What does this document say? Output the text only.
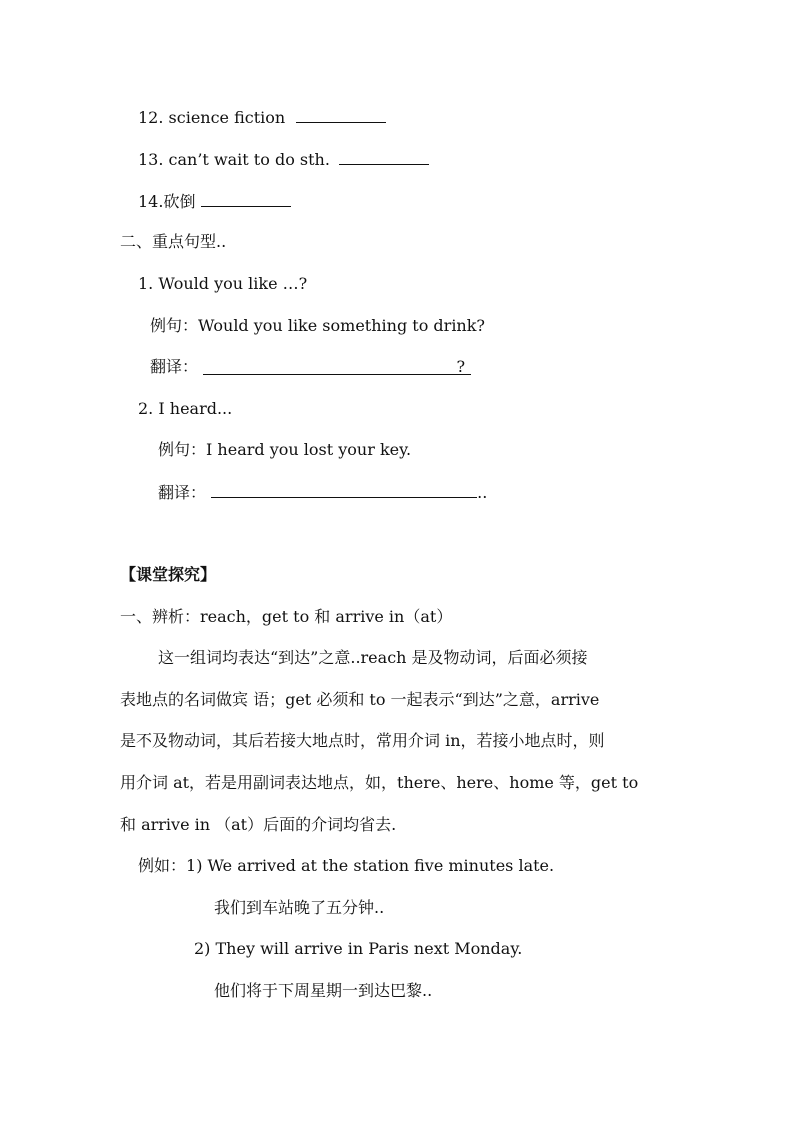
12. science fiction
13. can’t wait to do sth.
14.砍倒
二、重点句型..
1. Would you like …?
例句：Would you like something to drink?
翻译：	?
2. I heard...
例句：I heard you lost your key.
翻译：	..
【课堂探究】
一、辨析：reach，get to 和 arrive in（at）
这一组词均表达“到达”之意..reach 是及物动词，后面必须接
表地点的名词做宾 语；get 必须和 to 一起表示“到达”之意，arrive
是不及物动词，其后若接大地点时，常用介词 in，若接小地点时，则
用介词 at，若是用副词表达地点，如，there、here、home 等，get to
和 arrive in （at）后面的介词均省去.
例如：1) We arrived at the station five minutes late.
我们到车站晚了五分钟..
2) They will arrive in Paris next Monday.
他们将于下周星期一到达巴黎..
